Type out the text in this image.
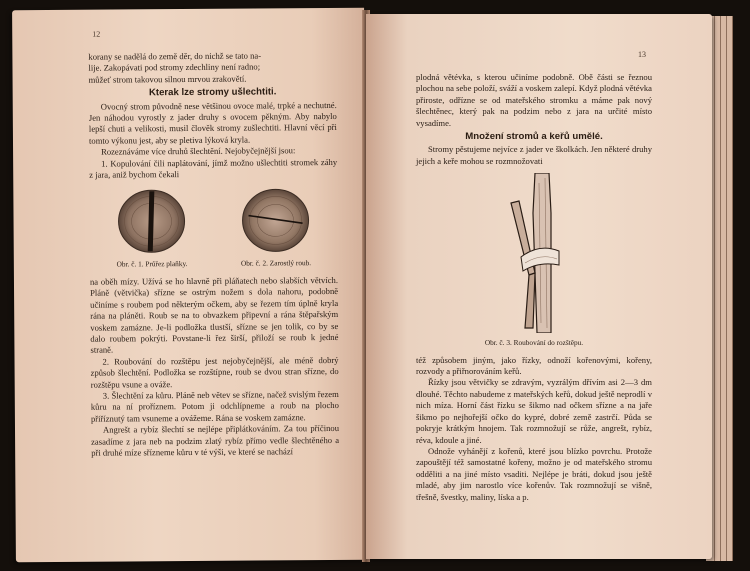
12

korany se nadělá do země děr, do nichž se tato na-

lije. Zakopávati pod stromy zdechliny není radno;

můžeť strom takovou silnou mrvou zrakovětí.

Kterak lze stromy ušlechtiti.

Ovocný strom původně nese většinou ovoce malé, trpké a nechutné. Jen náhodou vyrostly z jader druhy s ovocem pěkným. Aby nabylo lepší chuti a velikosti, musil člověk stromy zušlechtiti. Hlavní věcí při tomto výkonu jest, aby se pletiva lýková kryla.

Rozeznáváme více druhů šlechtění. Nejobyčejnější jsou:

1. Kopulování čili naplátování, jímž možno ušlechtiti stromek záhy z jara, aniž bychom čekali

Obr. č. 1. Průřez plaňky.	Obr. č. 2. Zarostlý roub.

na oběh mízy. Užívá se ho hlavně při pláňatech nebo slabších větvích. Pláně (větvička) sřízne se ostrým nožem s dola nahoru, podobně učiníme s roubem pod některým očkem, aby se řezem tím úplně kryla rána na pláněti. Roub se na to obvazkem připevní a rána štěpařským voskem zamázne. Je-li podložka tlustší, sřízne se jen tolik, co by se dalo roubem pokrýti. Povstane-li řez širší, přiloží se roub k jedné straně.

2. Roubování do rozštěpu jest nejobyčejnější, ale méně dobrý způsob šlechtění. Podložka se rozštípne, roub se dvou stran sřízne, do rozštěpu vsune a ováže.

3. Šlechtění za kůru. Pláně neb větev se sřízne, načež svislým řezem kůru na ní proříznem. Potom ji odchlípneme a roub na plocho přiříznutý tam vsuneme a ovážeme. Rána se voskem zamázne.

Angrešt a rybíz šlechtí se nejlépe připlátkováním. Za tou příčinou zasadíme z jara neb na podzim zlatý rybíz přímo vedle šlechtěného a při druhé míze sřízneme kůru v té výši, ve které se nachází

13

plodná větévka, s kterou učiníme podobně. Obě části se řeznou plochou na sebe položí, sváží a voskem zalepí. Když plodná větévka přiroste, odřízne se od mateřského stromku a máme pak nový šlechtěnec, který pak na podzim nebo z jara na určité místo vysadíme.

Množení stromů a keřů umělé.

Stromy pěstujeme nejvíce z jader ve školkách. Jen některé druhy jejich a keře mohou se rozmnožovati

Obr. č. 3. Roubování do rozštěpu.

též způsobem jiným, jako řízky, odnoží kořenovými, kořeny, rozvody a přiřnorováním keřů.

Řízky jsou větvičky se zdravým, vyzrálým dřívím asi 2—3 dm dlouhé. Těchto nabudeme z mateřských keřů, dokud ještě neprodlí v nich míza. Horní část řízku se šikmo nad očkem sřízne a na jaře šikmo po nejhořejší očko do kypré, dobré země zastrčí. Půda se pokryje krátkým hnojem. Tak rozmnožují se růže, angrešt, rybíz, réva, kdoule a jiné.

Odnože vyhánějí z kořenů, které jsou blízko povrchu. Protože zapouštějí též samostatné kořeny, možno je od mateřského stromu odděliti a na jiné místo vsaditi. Nejlépe je bráti, dokud jsou ještě mladé, aby jim narostlo více kořenův. Tak rozmnožují se višně, třešně, švestky, maliny, líska a p.
